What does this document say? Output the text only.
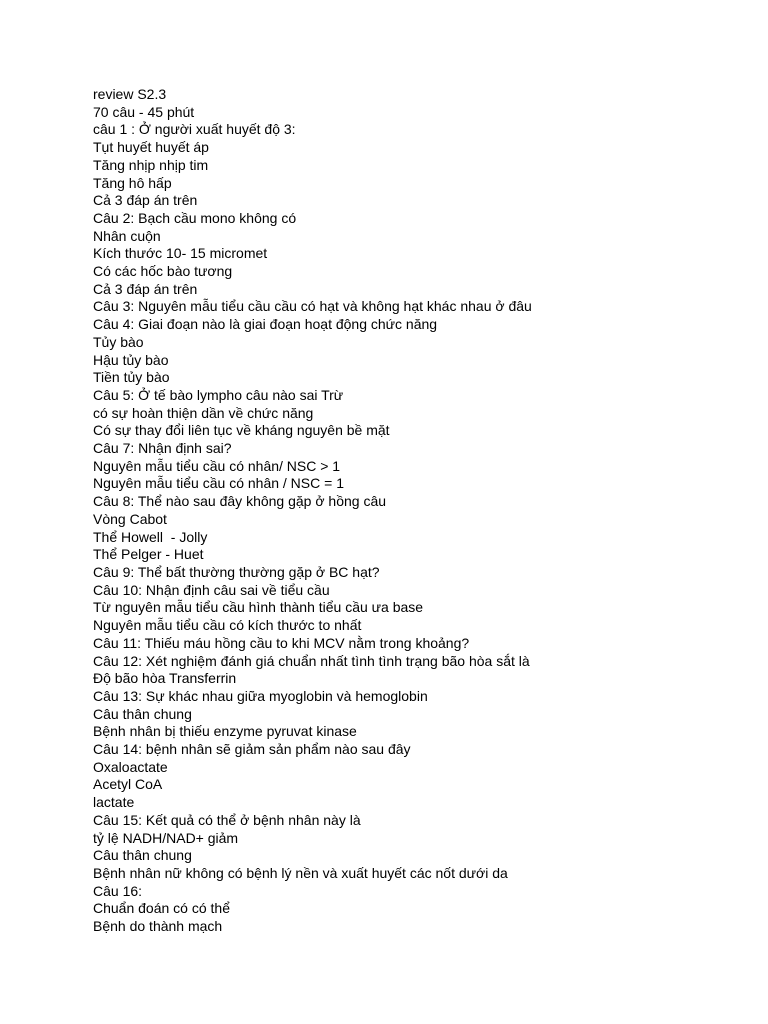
review S2.3
70 câu - 45 phút
câu 1 : Ở người xuất huyết độ 3:
Tụt huyết huyết áp
Tăng nhịp nhịp tim
Tăng hô hấp
Cả 3 đáp án trên
Câu 2: Bạch cầu mono không có
Nhân cuộn
Kích thước 10- 15 micromet
Có các hốc bào tương
Cả 3 đáp án trên
Câu 3: Nguyên mẫu tiểu cầu cầu có hạt và không hạt khác nhau ở đâu
Câu 4: Giai đoạn nào là giai đoạn hoạt động chức năng
Tủy bào
Hậu tủy bào
Tiền tủy bào
Câu 5: Ở tế bào lympho câu nào sai Trừ
có sự hoàn thiện dần về chức năng
Có sự thay đổi liên tục về kháng nguyên bề mặt
Câu 7: Nhận định sai?
Nguyên mẫu tiểu cầu có nhân/ NSC > 1
Nguyên mẫu tiểu cầu có nhân / NSC = 1
Câu 8: Thể nào sau đây không gặp ở hồng câu
Vòng Cabot
Thể Howell  - Jolly
Thể Pelger - Huet
Câu 9: Thể bất thường thường gặp ở BC hạt?
Câu 10: Nhận định câu sai về tiểu cầu
Từ nguyên mẫu tiểu cầu hình thành tiểu cầu ưa base
Nguyên mẫu tiểu cầu có kích thước to nhất
Câu 11: Thiếu máu hồng cầu to khi MCV nằm trong khoảng?
Câu 12: Xét nghiệm đánh giá chuẩn nhất tình tình trạng bão hòa sắt là
Độ bão hòa Transferrin
Câu 13: Sự khác nhau giữa myoglobin và hemoglobin
Câu thân chung
Bệnh nhân bị thiếu enzyme pyruvat kinase
Câu 14: bệnh nhân sẽ giảm sản phẩm nào sau đây
Oxaloactate
Acetyl CoA
lactate
Câu 15: Kết quả có thể ở bệnh nhân này là
tỷ lệ NADH/NAD+ giảm
Câu thân chung
Bệnh nhân nữ không có bệnh lý nền và xuất huyết các nốt dưới da
Câu 16:
Chuẩn đoán có có thể
Bệnh do thành mạch
